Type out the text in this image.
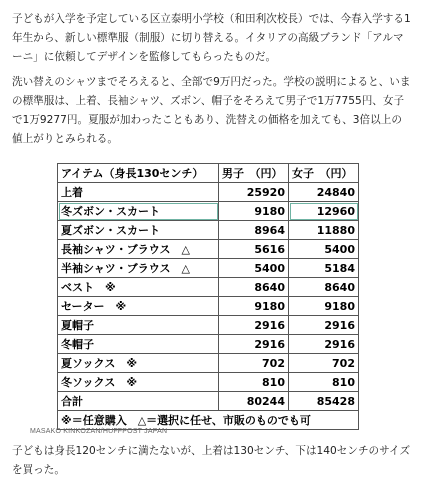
子どもが入学を予定している区立泰明小学校（和田利次校長）では、今春入学する1年生から、新しい標準服（制服）に切り替える。イタリアの高級ブランド「アルマーニ」に依頼してデザインを監修してもらったものだ。

洗い替えのシャツまでそろえると、全部で9万円だった。学校の説明によると、いまの標準服は、上着、長袖シャツ、ズボン、帽子をそろえて男子で1万7755円、女子で1万9277円。夏服が加わったこともあり、洗替えの価格を加えても、3倍以上の値上がりとみられる。

アイテム（身長130センチ）	男子　（円）	女子　（円）
上着	25920	24840
冬ズボン・スカート	9180	12960
夏ズボン・スカート	8964	11880
長袖シャツ・ブラウス　△	5616	5400
半袖シャツ・ブラウス　△	5400	5184
ベスト　※	8640	8640
セーター　※	9180	9180
夏帽子	2916	2916
冬帽子	2916	2916
夏ソックス　※	702	702
冬ソックス　※	810	810
合計	80244	85428
※＝任意購入　△＝選択に任せ、市販のものでも可		
MASAKO KINKOZAN/HUFFPOST JAPAN

子どもは身長120センチに満たないが、上着は130センチ、下は140センチのサイズを買った。
